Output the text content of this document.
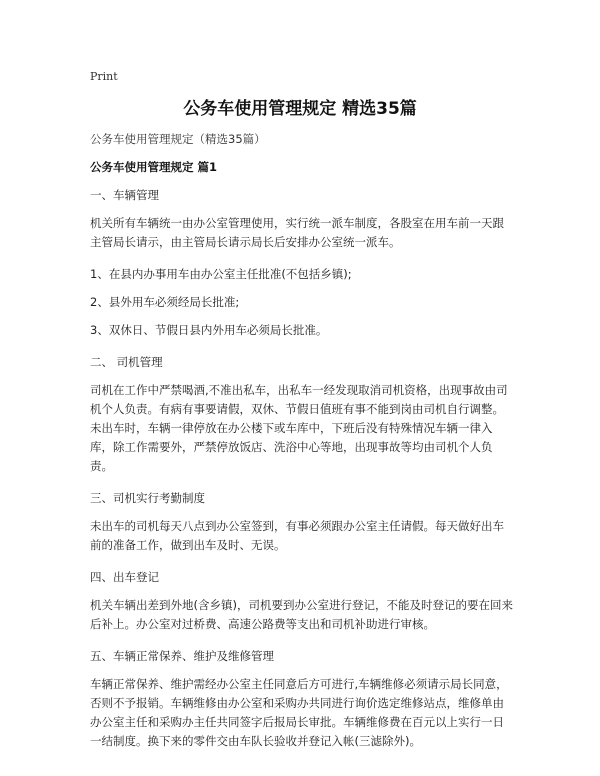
Print
公务车使用管理规定 精选35篇
公务车使用管理规定（精选35篇）
公务车使用管理规定 篇1
一、车辆管理
机关所有车辆统一由办公室管理使用，实行统一派车制度，各股室在用车前一天跟主管局长请示，由主管局长请示局长后安排办公室统一派车。
1、在县内办事用车由办公室主任批准(不包括乡镇);
2、县外用车必须经局长批准;
3、双休日、节假日县内外用车必须局长批准。
二、 司机管理
司机在工作中严禁喝酒,不准出私车，出私车一经发现取消司机资格，出现事故由司机个人负责。有病有事要请假，双休、节假日值班有事不能到岗由司机自行调整。未出车时，车辆一律停放在办公楼下或车库中，下班后没有特殊情况车辆一律入库，除工作需要外，严禁停放饭店、洗浴中心等地，出现事故等均由司机个人负责。
三、司机实行考勤制度
未出车的司机每天八点到办公室签到，有事必须跟办公室主任请假。每天做好出车前的准备工作，做到出车及时、无误。
四、出车登记
机关车辆出差到外地(含乡镇)，司机要到办公室进行登记，不能及时登记的要在回来后补上。办公室对过桥费、高速公路费等支出和司机补助进行审核。
五、车辆正常保养、维护及维修管理
车辆正常保养、维护需经办公室主任同意后方可进行,车辆维修必须请示局长同意，否则不予报销。车辆维修由办公室和采购办共同进行询价选定维修站点，维修单由办公室主任和采购办主任共同签字后报局长审批。车辆维修费在百元以上实行一日一结制度。换下来的零件交由车队长验收并登记入帐(三滤除外)。
